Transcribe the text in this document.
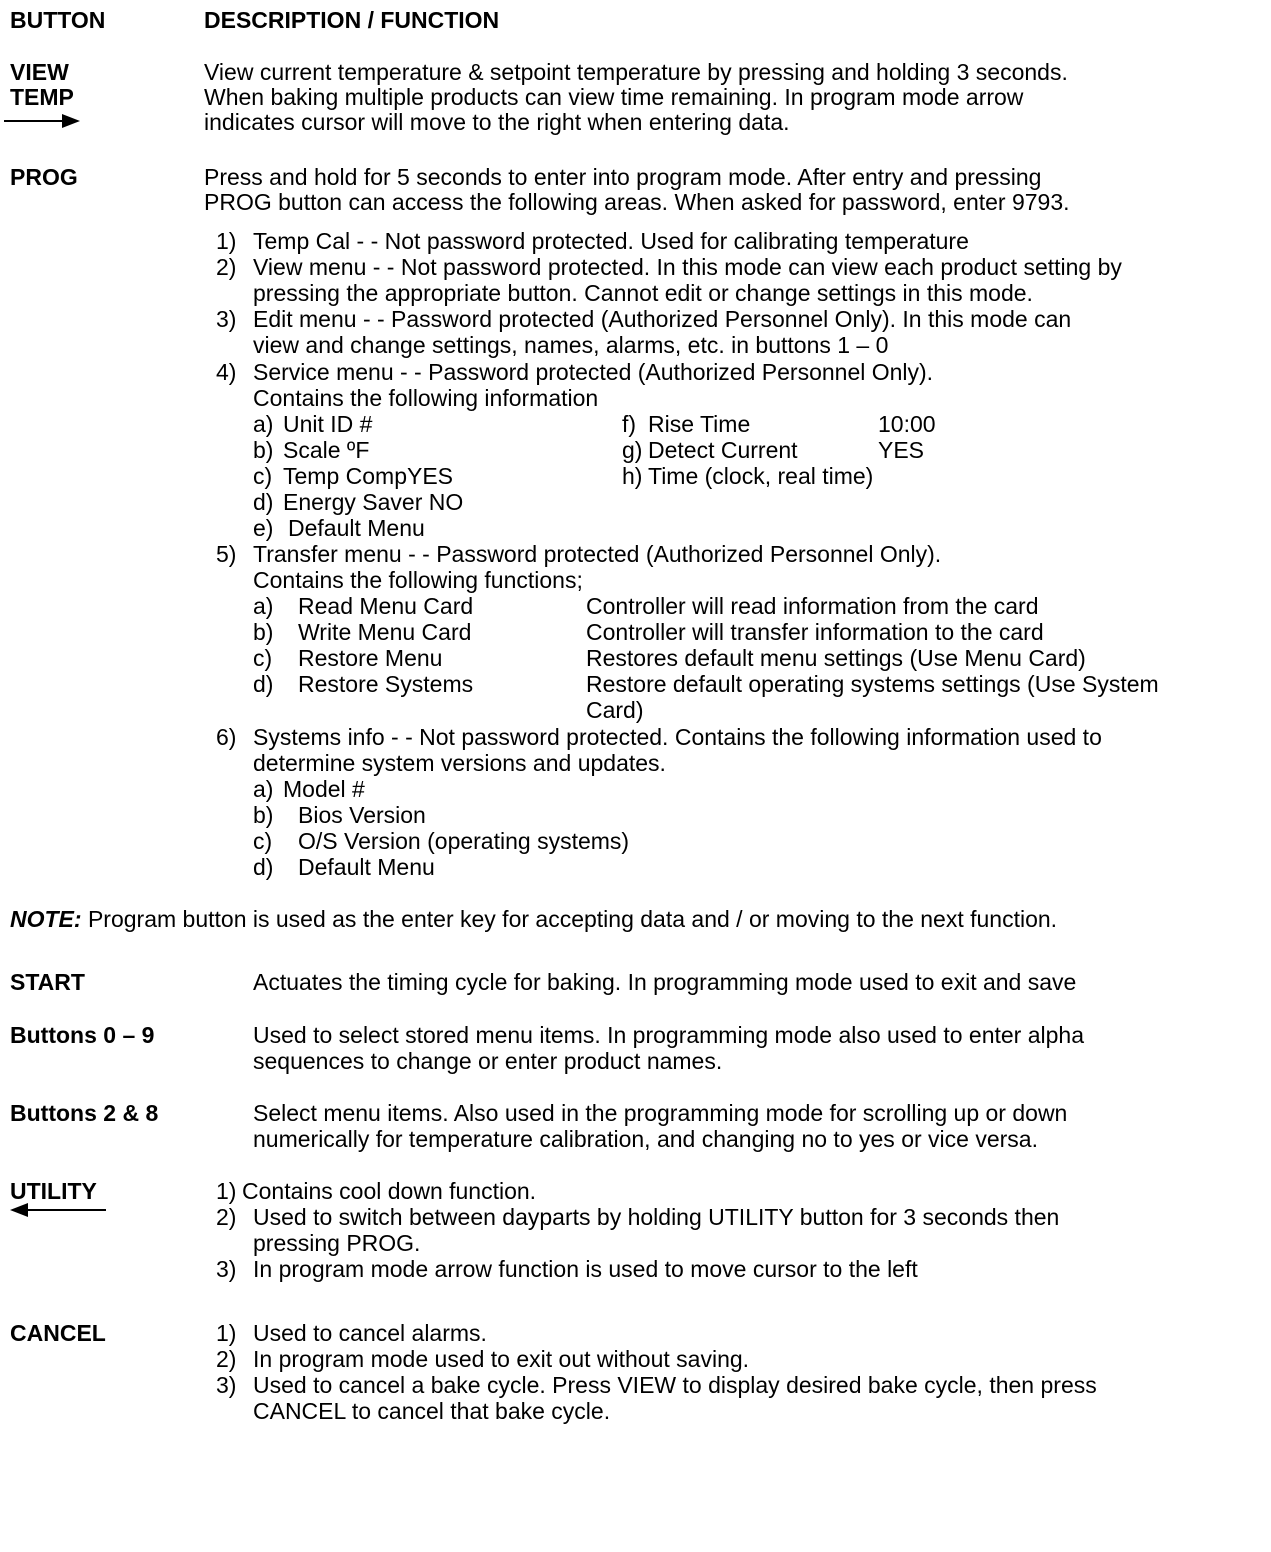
BUTTON	DESCRIPTION / FUNCTION
VIEW
TEMP
View current temperature & setpoint temperature by pressing and holding 3 seconds.
When baking multiple products can view time remaining. In program mode arrow
indicates cursor will move to the right when entering data.
PROG	Press and hold for 5 seconds to enter into program mode. After entry and pressing
PROG button can access the following areas. When asked for password, enter 9793.
1) Temp Cal - - Not password protected. Used for calibrating temperature
2) View menu - - Not password protected. In this mode can view each product setting by
pressing the appropriate button. Cannot edit or change settings in this mode.
3) Edit menu - - Password protected (Authorized Personnel Only). In this mode can
view and change settings, names, alarms, etc. in buttons 1 – 0
4) Service menu - - Password protected (Authorized Personnel Only).
Contains the following information
a) Unit ID #
b) Scale ºF
c) Temp CompYES
d) Energy Saver NO
e) Default Menu
f) Rise Time	10:00
g) Detect Current	YES
h) Time (clock, real time)
5) Transfer menu - - Password protected (Authorized Personnel Only).
Contains the following functions;
a) Read Menu Card	Controller will read information from the card
b) Write Menu Card	Controller will transfer information to the card
c) Restore Menu	Restores default menu settings (Use Menu Card)
d) Restore Systems	Restore default operating systems settings (Use System
Card)
6) Systems info - - Not password protected. Contains the following information used to
determine system versions and updates.
a) Model #
b) Bios Version
c) O/S Version (operating systems)
d) Default Menu
NOTE: Program button is used as the enter key for accepting data and / or moving to the next function.
START	Actuates the timing cycle for baking. In programming mode used to exit and save
Buttons 0 – 9	Used to select stored menu items. In programming mode also used to enter alpha
sequences to change or enter product names.
Buttons 2 & 8	Select menu items. Also used in the programming mode for scrolling up or down
numerically for temperature calibration, and changing no to yes or vice versa.
UTILITY	1) Contains cool down function.
2) Used to switch between dayparts by holding UTILITY button for 3 seconds then
pressing PROG.
3) In program mode arrow function is used to move cursor to the left
CANCEL	1) Used to cancel alarms.
2) In program mode used to exit out without saving.
3) Used to cancel a bake cycle. Press VIEW to display desired bake cycle, then press
CANCEL to cancel that bake cycle.
